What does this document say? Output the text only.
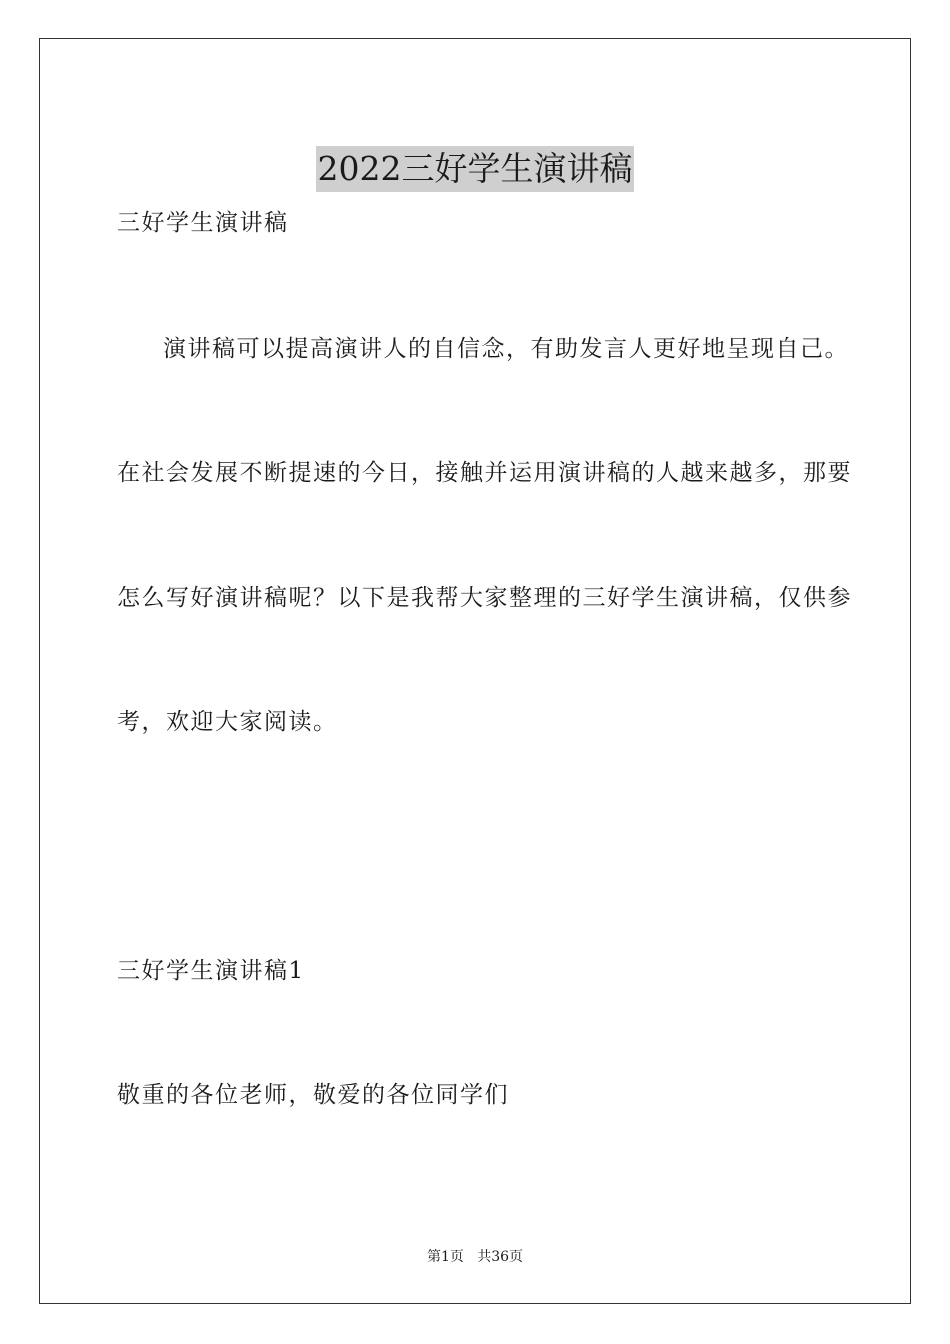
2022三好学生演讲稿
三好学生演讲稿
演讲稿可以提高演讲人的自信念，有助发言人更好地呈现自己。
在社会发展不断提速的今日，接触并运用演讲稿的人越来越多，那要
怎么写好演讲稿呢？以下是我帮大家整理的三好学生演讲稿，仅供参
考，欢迎大家阅读。
三好学生演讲稿1
敬重的各位老师，敬爱的各位同学们
第1页   共36页
